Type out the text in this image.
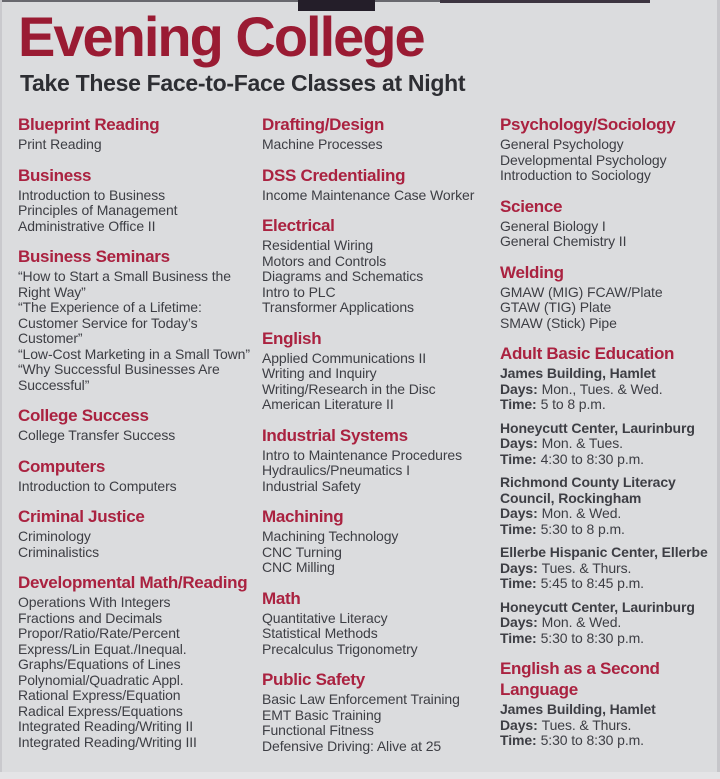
Evening College
Take These Face-to-Face Classes at Night
Blueprint Reading
Print Reading
Business
Introduction to Business
Principles of Management
Administrative Office II
Business Seminars
“How to Start a Small Business the Right Way”
“The Experience of a Lifetime: Customer Service for Today’s Customer”
“Low-Cost Marketing in a Small Town”
“Why Successful Businesses Are Successful”
College Success
College Transfer Success
Computers
Introduction to Computers
Criminal Justice
Criminology
Criminalistics
Developmental Math/Reading
Operations With Integers
Fractions and Decimals
Propor/Ratio/Rate/Percent
Express/Lin Equat./Inequal.
Graphs/Equations of Lines
Polynomial/Quadratic Appl.
Rational Express/Equation
Radical Express/Equations
Integrated Reading/Writing II
Integrated Reading/Writing III
Drafting/Design
Machine Processes
DSS Credentialing
Income Maintenance Case Worker
Electrical
Residential Wiring
Motors and Controls
Diagrams and Schematics
Intro to PLC
Transformer Applications
English
Applied Communications II
Writing and Inquiry
Writing/Research in the Disc
American Literature II
Industrial Systems
Intro to Maintenance Procedures
Hydraulics/Pneumatics I
Industrial Safety
Machining
Machining Technology
CNC Turning
CNC Milling
Math
Quantitative Literacy
Statistical Methods
Precalculus Trigonometry
Public Safety
Basic Law Enforcement Training
EMT Basic Training
Functional Fitness
Defensive Driving: Alive at 25
Psychology/Sociology
General Psychology
Developmental Psychology
Introduction to Sociology
Science
General Biology I
General Chemistry II
Welding
GMAW (MIG) FCAW/Plate
GTAW (TIG) Plate
SMAW (Stick) Pipe
Adult Basic Education
James Building, Hamlet
Days: Mon., Tues. & Wed.
Time: 5 to 8 p.m.
Honeycutt Center, Laurinburg
Days: Mon. & Tues.
Time: 4:30 to 8:30 p.m.
Richmond County Literacy Council, Rockingham
Days: Mon. & Wed.
Time: 5:30 to 8 p.m.
Ellerbe Hispanic Center, Ellerbe
Days: Tues. & Thurs.
Time: 5:45 to 8:45 p.m.
Honeycutt Center, Laurinburg
Days: Mon. & Wed.
Time: 5:30 to 8:30 p.m.
English as a Second Language
James Building, Hamlet
Days: Tues. & Thurs.
Time: 5:30 to 8:30 p.m.
